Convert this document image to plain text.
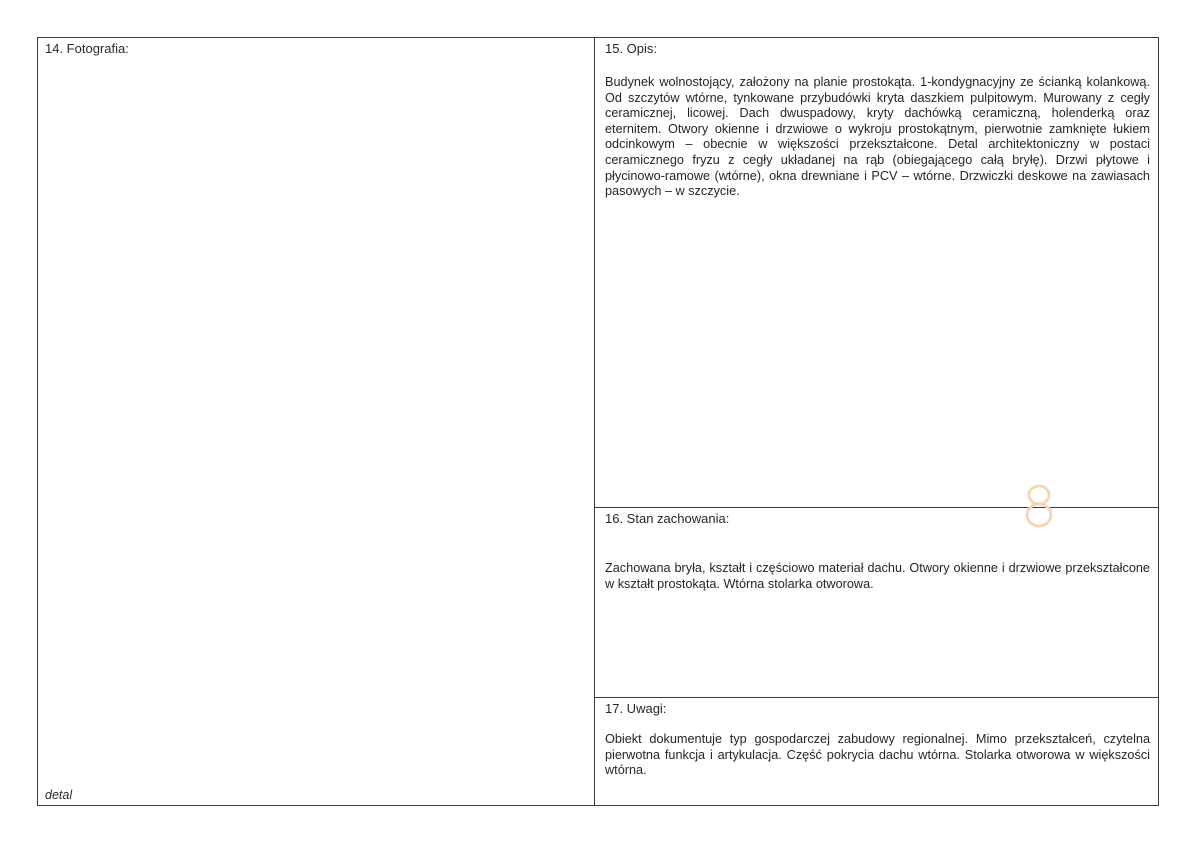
14. Fotografia:
detal
15. Opis:
Budynek wolnostojący, założony na planie prostokąta. 1-kondygnacyjny ze ścianką kolankową. Od szczytów wtórne, tynkowane przybudówki kryta daszkiem pulpitowym. Murowany z cegły ceramicznej, licowej. Dach dwuspadowy, kryty dachówką ceramiczną, holenderką oraz eternitem. Otwory okienne i drzwiowe o wykroju prostokątnym, pierwotnie zamknięte łukiem odcinkowym – obecnie w większości przekształcone. Detal architektoniczny w postaci ceramicznego fryzu z cegły układanej na rąb (obiegającego całą bryłę). Drzwi płytowe i płycinowo-ramowe (wtórne), okna drewniane i PCV – wtórne. Drzwiczki deskowe na zawiasach pasowych – w szczycie.
16. Stan zachowania:
Zachowana bryła, kształt i częściowo materiał dachu. Otwory okienne i drzwiowe przekształcone w kształt prostokąta. Wtórna stolarka otworowa.
17. Uwagi:
Obiekt dokumentuje typ gospodarczej zabudowy regionalnej. Mimo przekształceń, czytelna pierwotna funkcja i artykulacja. Część pokrycia dachu wtórna. Stolarka otworowa w większości wtórna.
